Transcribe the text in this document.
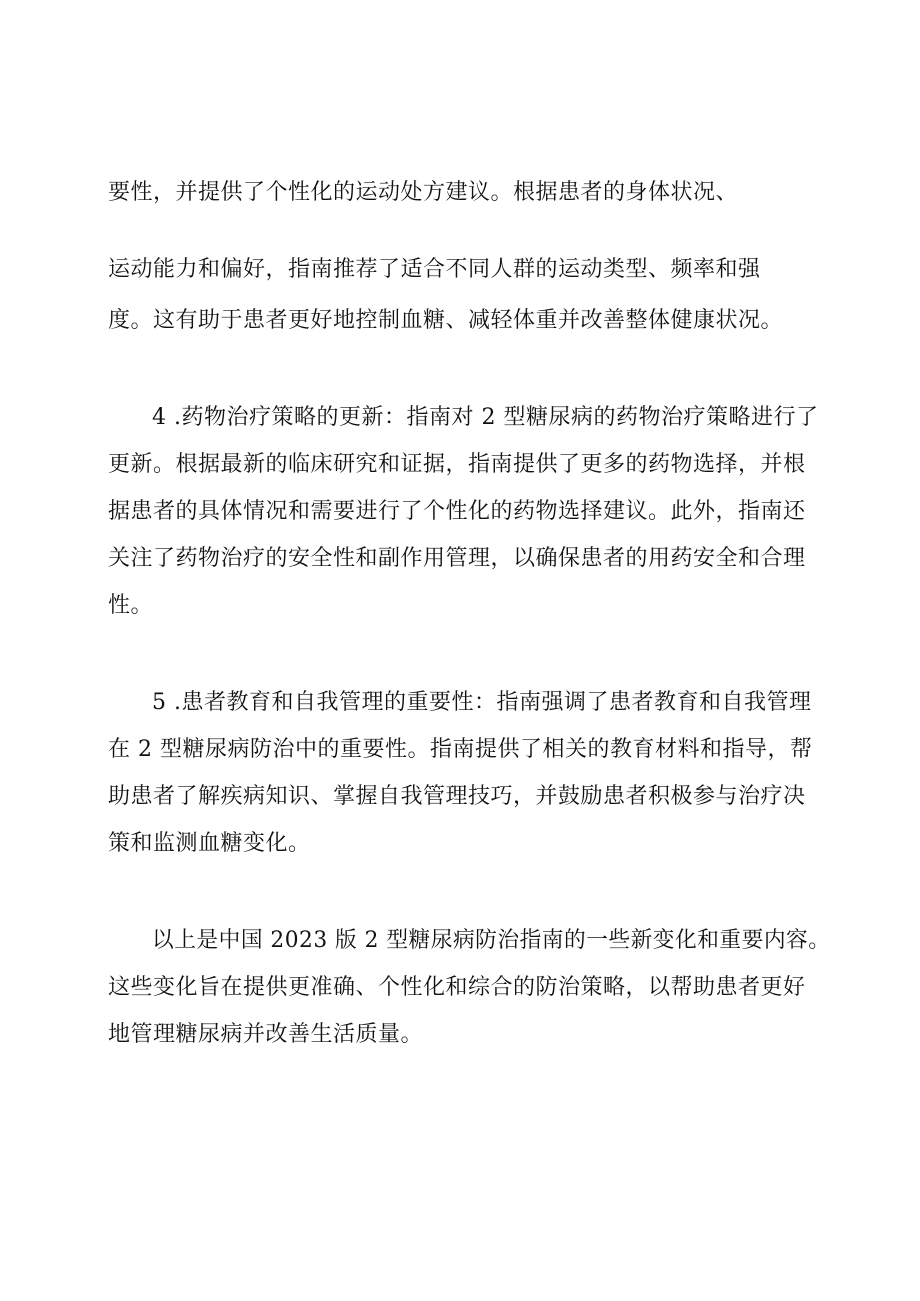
要性，并提供了个性化的运动处方建议。根据患者的身体状况、
运动能力和偏好，指南推荐了适合不同人群的运动类型、频率和强
度。这有助于患者更好地控制血糖、减轻体重并改善整体健康状况。
4 .药物治疗策略的更新：指南对 2 型糖尿病的药物治疗策略进行了
更新。根据最新的临床研究和证据，指南提供了更多的药物选择，并根
据患者的具体情况和需要进行了个性化的药物选择建议。此外，指南还
关注了药物治疗的安全性和副作用管理，以确保患者的用药安全和合理
性。
5 .患者教育和自我管理的重要性：指南强调了患者教育和自我管理
在 2 型糖尿病防治中的重要性。指南提供了相关的教育材料和指导，帮
助患者了解疾病知识、掌握自我管理技巧，并鼓励患者积极参与治疗决
策和监测血糖变化。
以上是中国 2023 版 2 型糖尿病防治指南的一些新变化和重要内容。
这些变化旨在提供更准确、个性化和综合的防治策略，以帮助患者更好
地管理糖尿病并改善生活质量。
